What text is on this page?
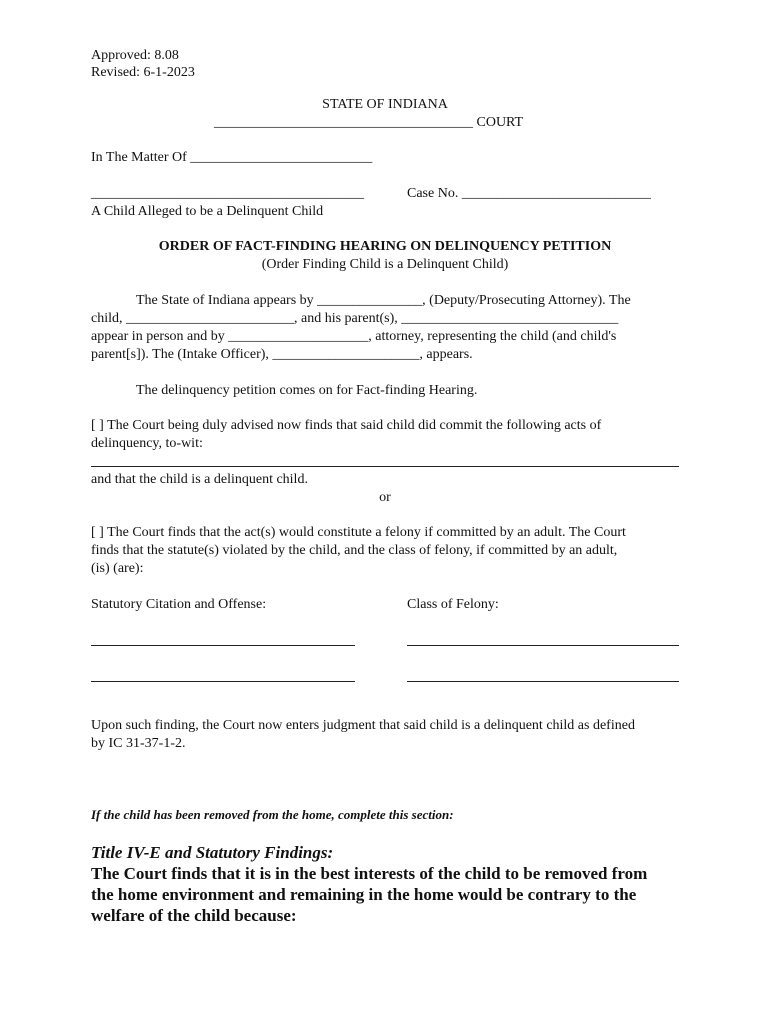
Approved: 8.08
Revised: 6-1-2023
STATE OF INDIANA
_____________________________________ COURT
In The Matter Of __________________________
_______________________________________	Case No. ___________________________
A Child Alleged to be a Delinquent Child
ORDER OF FACT-FINDING HEARING ON DELINQUENCY PETITION
(Order Finding Child is a Delinquent Child)
The State of Indiana appears by _______________, (Deputy/Prosecuting Attorney). The
child, ________________________, and his parent(s), _______________________________
appear in person and by ____________________, attorney, representing the child (and child's
parent[s]). The (Intake Officer), _____________________, appears.
The delinquency petition comes on for Fact-finding Hearing.
[ ] The Court being duly advised now finds that said child did commit the following acts of
delinquency, to-wit:
and that the child is a delinquent child.
or
[ ] The Court finds that the act(s) would constitute a felony if committed by an adult. The Court
finds that the statute(s) violated by the child, and the class of felony, if committed by an adult,
(is) (are):
Statutory Citation and Offense:	Class of Felony:
Upon such finding, the Court now enters judgment that said child is a delinquent child as defined
by IC 31-37-1-2.
If the child has been removed from the home, complete this section:
Title IV-E and Statutory Findings:
The Court finds that it is in the best interests of the child to be removed from
the home environment and remaining in the home would be contrary to the
welfare of the child because:
